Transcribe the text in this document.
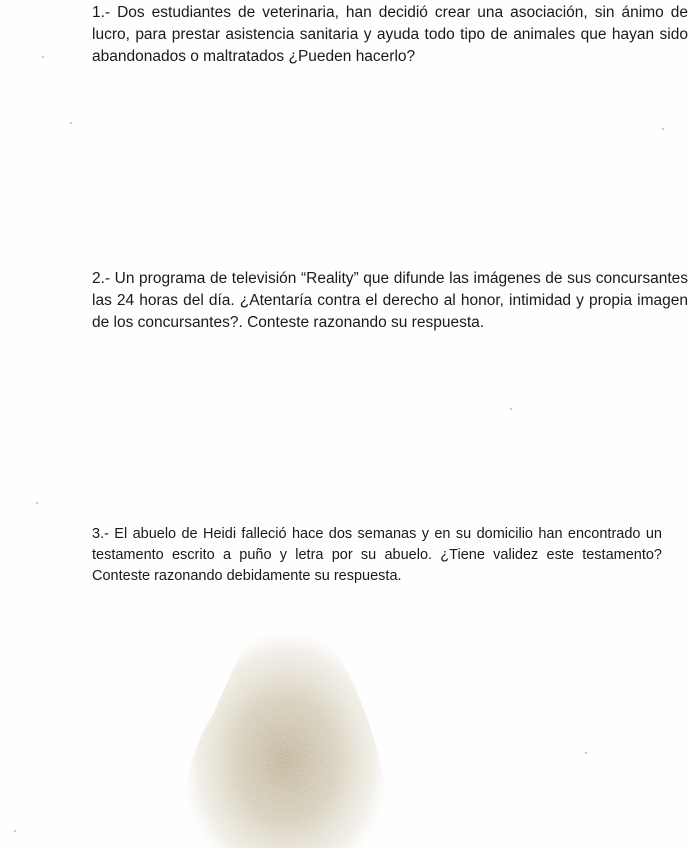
1.- Dos estudiantes de veterinaria, han decidió crear una asociación, sin ánimo de lucro, para prestar asistencia sanitaria y ayuda todo tipo de animales que hayan sido abandonados o maltratados ¿Pueden hacerlo?

2.- Un programa de televisión “Reality” que difunde las imágenes de sus concursantes las 24 horas del día. ¿Atentaría contra el derecho al honor, intimidad y propia imagen de los concursantes?. Conteste razonando su respuesta.

3.- El abuelo de Heidi falleció hace dos semanas y en su domicilio han encontrado un testamento escrito a puño y letra por su abuelo. ¿Tiene validez este testamento? Conteste razonando debidamente su respuesta.
